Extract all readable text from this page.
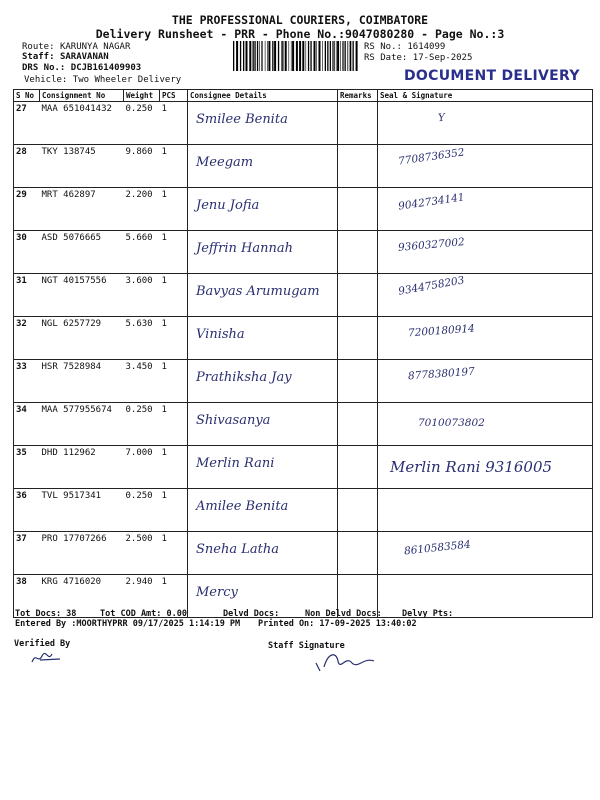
THE PROFESSIONAL COURIERS, COIMBATORE
Delivery Runsheet - PRR - Phone No.:9047080280 - Page No.:3
Route: KARUNYA NAGAR
Staff: SARAVANAN
DRS No.: DCJB161409903
Vehicle: Two Wheeler Delivery
RS No.: 1614099
RS Date: 17-Sep-2025
DOCUMENT DELIVERY
S No	Consignment No	Weight	PCS	Consignee Details	Remarks	Seal & Signature
27	MAA 651041432	0.250	1	Smilee Benita		Y

28	TKY 138745	9.860	1	Meegam		7708736352

29	MRT 462897	2.200	1	Jenu Jofia		9042734141

30	ASD 5076665	5.660	1	Jeffrin Hannah		9360327002

31	NGT 40157556	3.600	1	Bavyas Arumugam		9344758203

32	NGL 6257729	5.630	1	Vinisha		7200180914

33	HSR 7528984	3.450	1	Prathiksha Jay		8778380197

34	MAA 577955674	0.250	1	Shivasanya		7010073802

35	DHD 112962	7.000	1	Merlin Rani		Merlin Rani 9316005

36	TVL 9517341	0.250	1	Amilee Benita		

37	PRO 17707266	2.500	1	Sneha Latha		8610583584

38	KRG 4716020	2.940	1	Mercy		
Tot Docs: 38	Tot COD Amt: 0.00	Delvd Docs:	Non Delvd Docs: Delvy Pts:
Entered By :MOORTHYPRR 09/17/2025 1:14:19 PM Printed On: 17-09-2025 13:40:02
Verified By	Staff Signature
